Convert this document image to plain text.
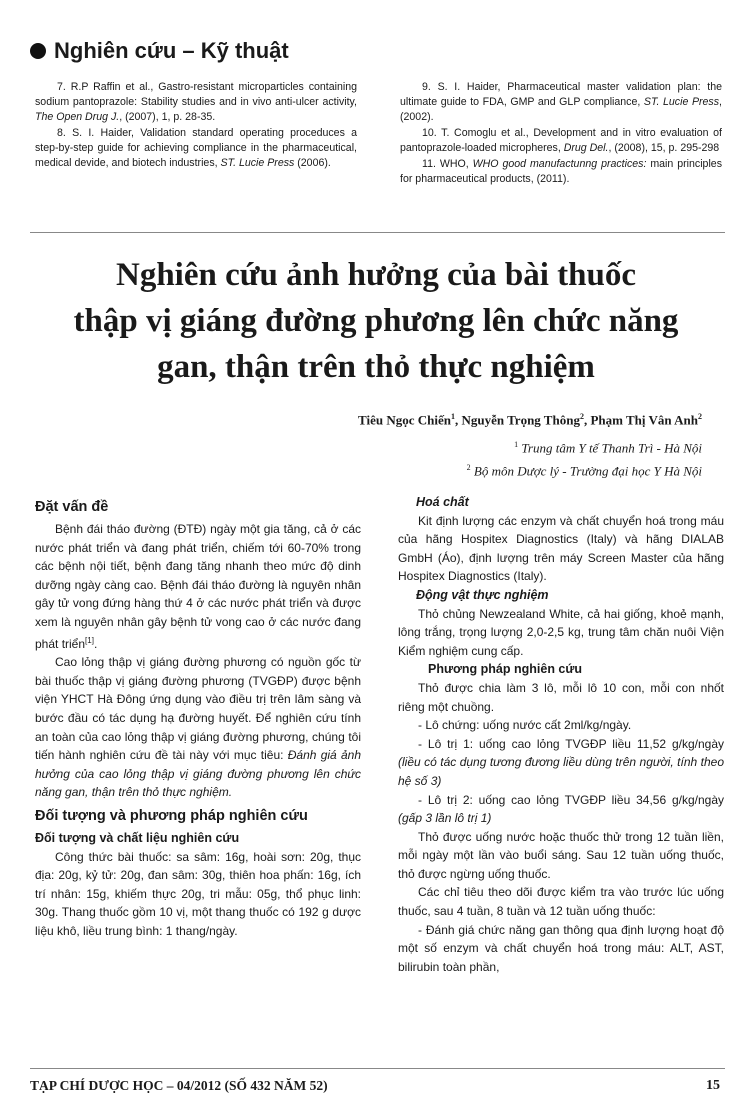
Nghiên cứu – Kỹ thuật

7. R.P Raffin et al., Gastro-resistant microparticles containing sodium pantoprazole: Stability studies and in vivo anti-ulcer activity, The Open Drug J., (2007), 1, p. 28-35.

8. S. I. Haider, Validation standard operating proceduces a step-by-step guide for achieving compliance in the pharmaceutical, medical devide, and biotech industries, ST. Lucie Press (2006).

9. S. I. Haider, Pharmaceutical master validation plan: the ultimate guide to FDA, GMP and GLP compliance, ST. Lucie Press, (2002).

10. T. Comoglu et al., Development and in vitro evaluation of pantoprazole-loaded micropheres, Drug Del., (2008), 15, p. 295-298

11. WHO, WHO good manufactunng practices: main principles for pharmaceutical products, (2011).

Nghiên cứu ảnh hưởng của bài thuốc
thập vị giáng đường phương lên chức năng
gan, thận trên thỏ thực nghiệm
Tiêu Ngọc Chiến$^1$, Nguyễn Trọng Thông$^2$, Phạm Thị Vân Anh$^2$
$^1$ Trung tâm Y tế Thanh Trì - Hà Nội
$^2$ Bộ môn Dược lý - Trường đại học Y Hà Nội
Đặt vấn đề

Bệnh đái tháo đường (ĐTĐ) ngày một gia tăng, cả ở các nước phát triển và đang phát triển, chiếm tới 60-70% trong các bệnh nội tiết, bệnh đang tăng nhanh theo mức độ dinh dưỡng ngày càng cao. Bệnh đái tháo đường là nguyên nhân gây tử vong đứng hàng thứ 4 ở các nước phát triển và được xem là nguyên nhân gây bệnh tử vong cao ở các nước đang phát triển[1].

Cao lỏng thập vị giáng đường phương có nguồn gốc từ bài thuốc thập vị giáng đường phương (TVGĐP) được bệnh viện YHCT Hà Đông ứng dụng vào điều trị trên lâm sàng và bước đầu có tác dụng hạ đường huyết. Để nghiên cứu tính an toàn của cao lỏng thập vị giáng đường phương, chúng tôi tiến hành nghiên cứu đề tài này với mục tiêu: Đánh giá ảnh hưởng của cao lỏng thập vị giáng đường phương lên chức năng gan, thận trên thỏ thực nghiệm.

Đối tượng và phương pháp nghiên cứu
Đối tượng và chất liệu nghiên cứu

Công thức bài thuốc: sa sâm: 16g, hoài sơn: 20g, thục địa: 20g, kỷ tử: 20g, đan sâm: 30g, thiên hoa phấn: 16g, ích trí nhân: 15g, khiếm thực 20g, tri mẫu: 05g, thổ phục linh: 30g. Thang thuốc gồm 10 vị, một thang thuốc có 192 g dược liệu khô, liều trung bình: 1 thang/ngày.

Hoá chất

Kit định lượng các enzym và chất chuyển hoá trong máu của hãng Hospitex Diagnostics (Italy) và hãng DIALAB GmbH (Áo), định lượng trên máy Screen Master của hãng Hospitex Diagnostics (Italy).

Động vật thực nghiệm

Thỏ chủng Newzealand White, cả hai giống, khoẻ mạnh, lông trắng, trọng lượng 2,0-2,5 kg, trung tâm chăn nuôi Viện Kiểm nghiệm cung cấp.

Phương pháp nghiên cứu

Thỏ được chia làm 3 lô, mỗi lô 10 con, mỗi con nhốt riêng một chuồng.

- Lô chứng: uống nước cất 2ml/kg/ngày.

- Lô trị 1: uống cao lỏng TVGĐP liều 11,52 g/kg/ngày (liều có tác dụng tương đương liều dùng trên người, tính theo hệ số 3)

- Lô trị 2: uống cao lỏng TVGĐP liều 34,56 g/kg/ngày (gấp 3 lần lô trị 1)

Thỏ được uống nước hoặc thuốc thử trong 12 tuần liền, mỗi ngày một lần vào buổi sáng. Sau 12 tuần uống thuốc, thỏ được ngừng uống thuốc.

Các chỉ tiêu theo dõi được kiểm tra vào trước lúc uống thuốc, sau 4 tuần, 8 tuần và 12 tuần uống thuốc:

- Đánh giá chức năng gan thông qua định lượng hoạt độ một số enzym và chất chuyển hoá trong máu: ALT, AST, bilirubin toàn phần,

TẠP CHÍ DƯỢC HỌC – 04/2012 (SỐ 432 NĂM 52)	15
